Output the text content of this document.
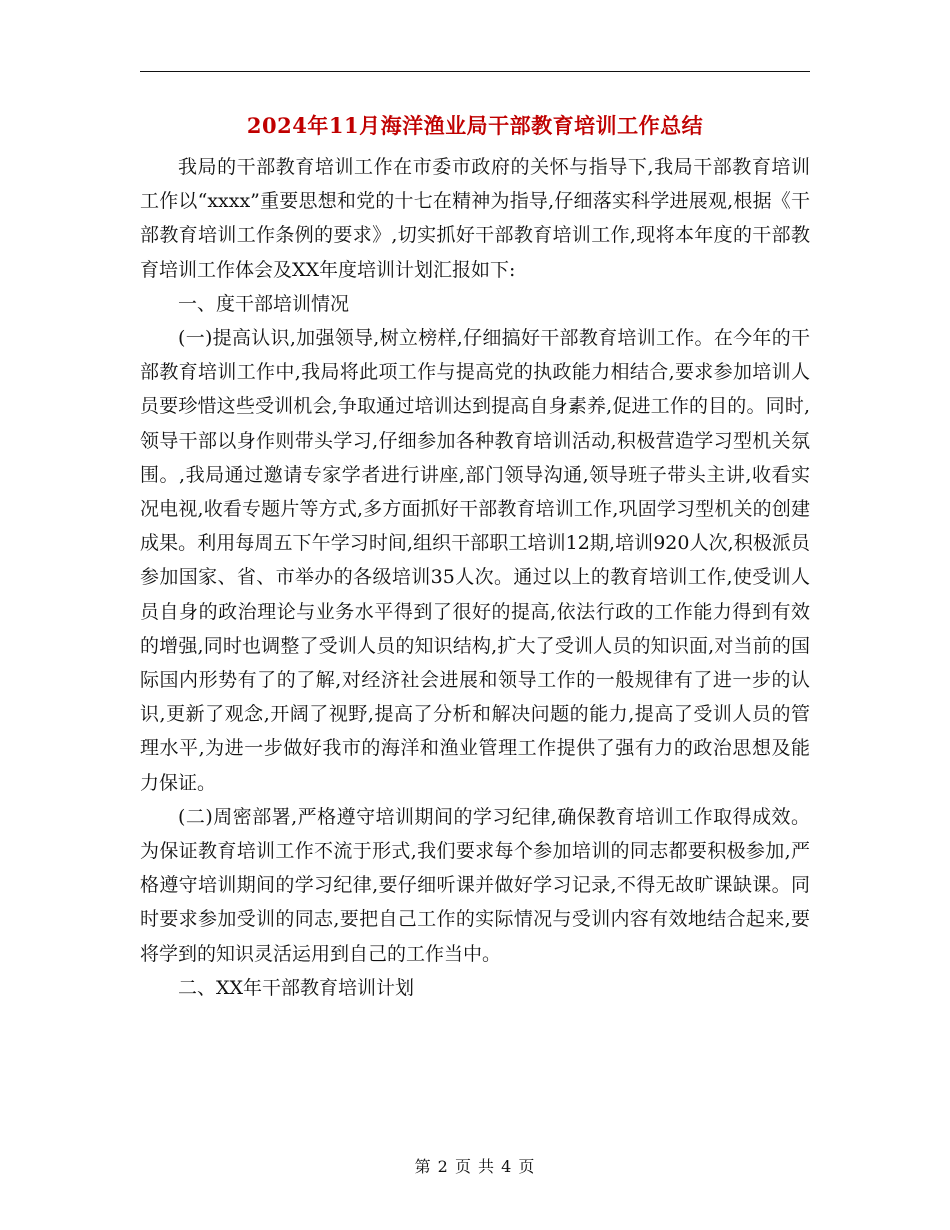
2024年11月海洋渔业局干部教育培训工作总结

我局的干部教育培训工作在市委市政府的关怀与指导下,我局干部教育培训工作以“xxxx”重要思想和党的十七在精神为指导,仔细落实科学进展观,根据《干部教育培训工作条例的要求》,切实抓好干部教育培训工作,现将本年度的干部教育培训工作体会及XX年度培训计划汇报如下:

一、度干部培训情况

(一)提高认识,加强领导,树立榜样,仔细搞好干部教育培训工作。在今年的干部教育培训工作中,我局将此项工作与提高党的执政能力相结合,要求参加培训人员要珍惜这些受训机会,争取通过培训达到提高自身素养,促进工作的目的。同时,领导干部以身作则带头学习,仔细参加各种教育培训活动,积极营造学习型机关氛围。,我局通过邀请专家学者进行讲座,部门领导沟通,领导班子带头主讲,收看实况电视,收看专题片等方式,多方面抓好干部教育培训工作,巩固学习型机关的创建成果。利用每周五下午学习时间,组织干部职工培训12期,培训920人次,积极派员参加国家、省、市举办的各级培训35人次。通过以上的教育培训工作,使受训人员自身的政治理论与业务水平得到了很好的提高,依法行政的工作能力得到有效的增强,同时也调整了受训人员的知识结构,扩大了受训人员的知识面,对当前的国际国内形势有了的了解,对经济社会进展和领导工作的一般规律有了进一步的认识,更新了观念,开阔了视野,提高了分析和解决问题的能力,提高了受训人员的管理水平,为进一步做好我市的海洋和渔业管理工作提供了强有力的政治思想及能力保证。

(二)周密部署,严格遵守培训期间的学习纪律,确保教育培训工作取得成效。为保证教育培训工作不流于形式,我们要求每个参加培训的同志都要积极参加,严格遵守培训期间的学习纪律,要仔细听课并做好学习记录,不得无故旷课缺课。同时要求参加受训的同志,要把自己工作的实际情况与受训内容有效地结合起来,要将学到的知识灵活运用到自己的工作当中。

二、XX年干部教育培训计划

第 2 页 共 4 页
